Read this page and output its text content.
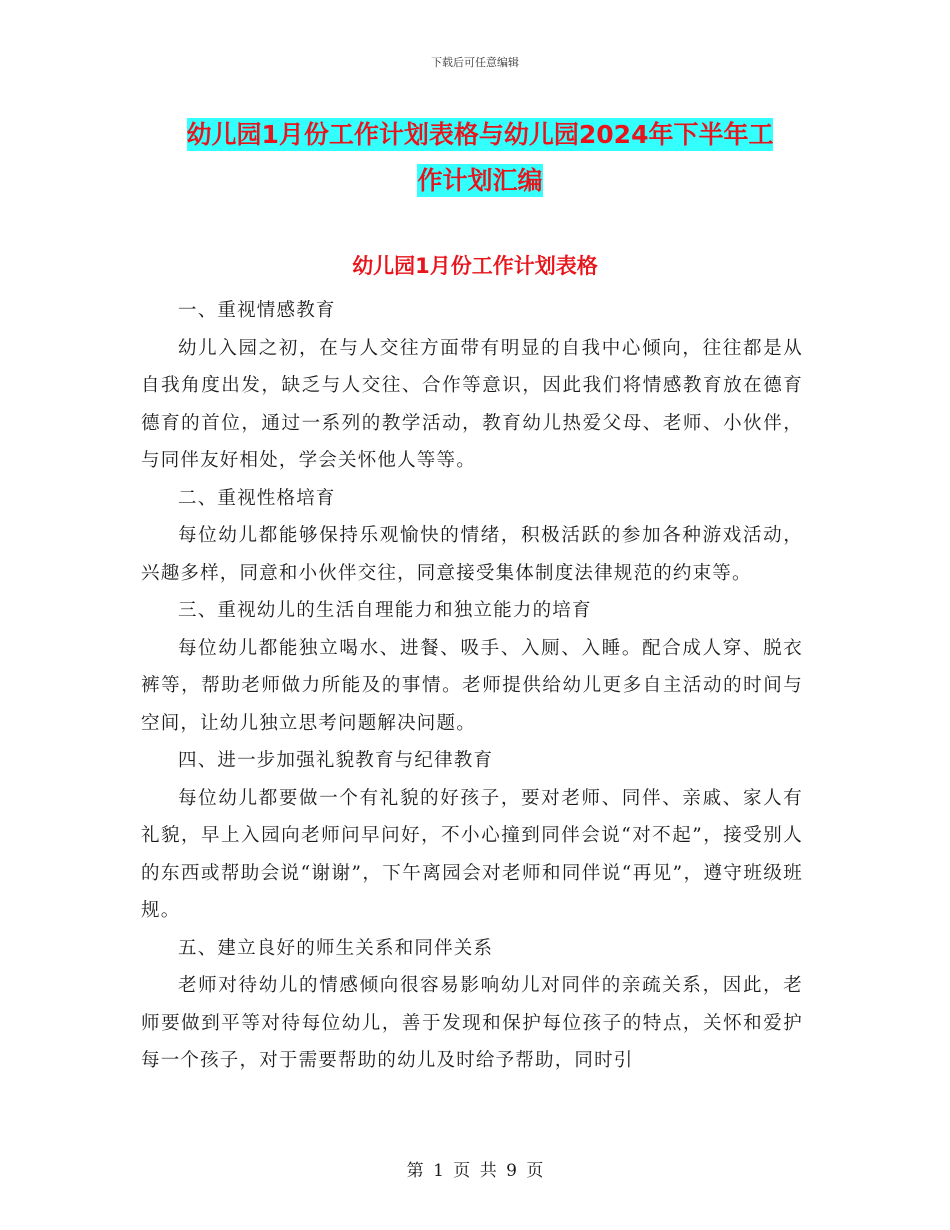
下载后可任意编辑
幼儿园1月份工作计划表格与幼儿园2024年下半年工
作计划汇编
幼儿园1月份工作计划表格

一、重视情感教育

幼儿入园之初，在与人交往方面带有明显的自我中心倾向，往往都是从自我角度出发，缺乏与人交往、合作等意识，因此我们将情感教育放在德育德育的首位，通过一系列的教学活动，教育幼儿热爱父母、老师、小伙伴，与同伴友好相处，学会关怀他人等等。

二、重视性格培育

每位幼儿都能够保持乐观愉快的情绪，积极活跃的参加各种游戏活动，兴趣多样，同意和小伙伴交往，同意接受集体制度法律规范的约束等。

三、重视幼儿的生活自理能力和独立能力的培育

每位幼儿都能独立喝水、进餐、吸手、入厕、入睡。配合成人穿、脱衣裤等，帮助老师做力所能及的事情。老师提供给幼儿更多自主活动的时间与空间，让幼儿独立思考问题解决问题。

四、进一步加强礼貌教育与纪律教育

每位幼儿都要做一个有礼貌的好孩子，要对老师、同伴、亲戚、家人有礼貌，早上入园向老师问早问好，不小心撞到同伴会说“对不起”，接受别人的东西或帮助会说“谢谢”，下午离园会对老师和同伴说“再见”，遵守班级班规。

五、建立良好的师生关系和同伴关系

老师对待幼儿的情感倾向很容易影响幼儿对同伴的亲疏关系，因此，老师要做到平等对待每位幼儿，善于发现和保护每位孩子的特点，关怀和爱护每一个孩子，对于需要帮助的幼儿及时给予帮助，同时引

第 1 页 共 9 页
